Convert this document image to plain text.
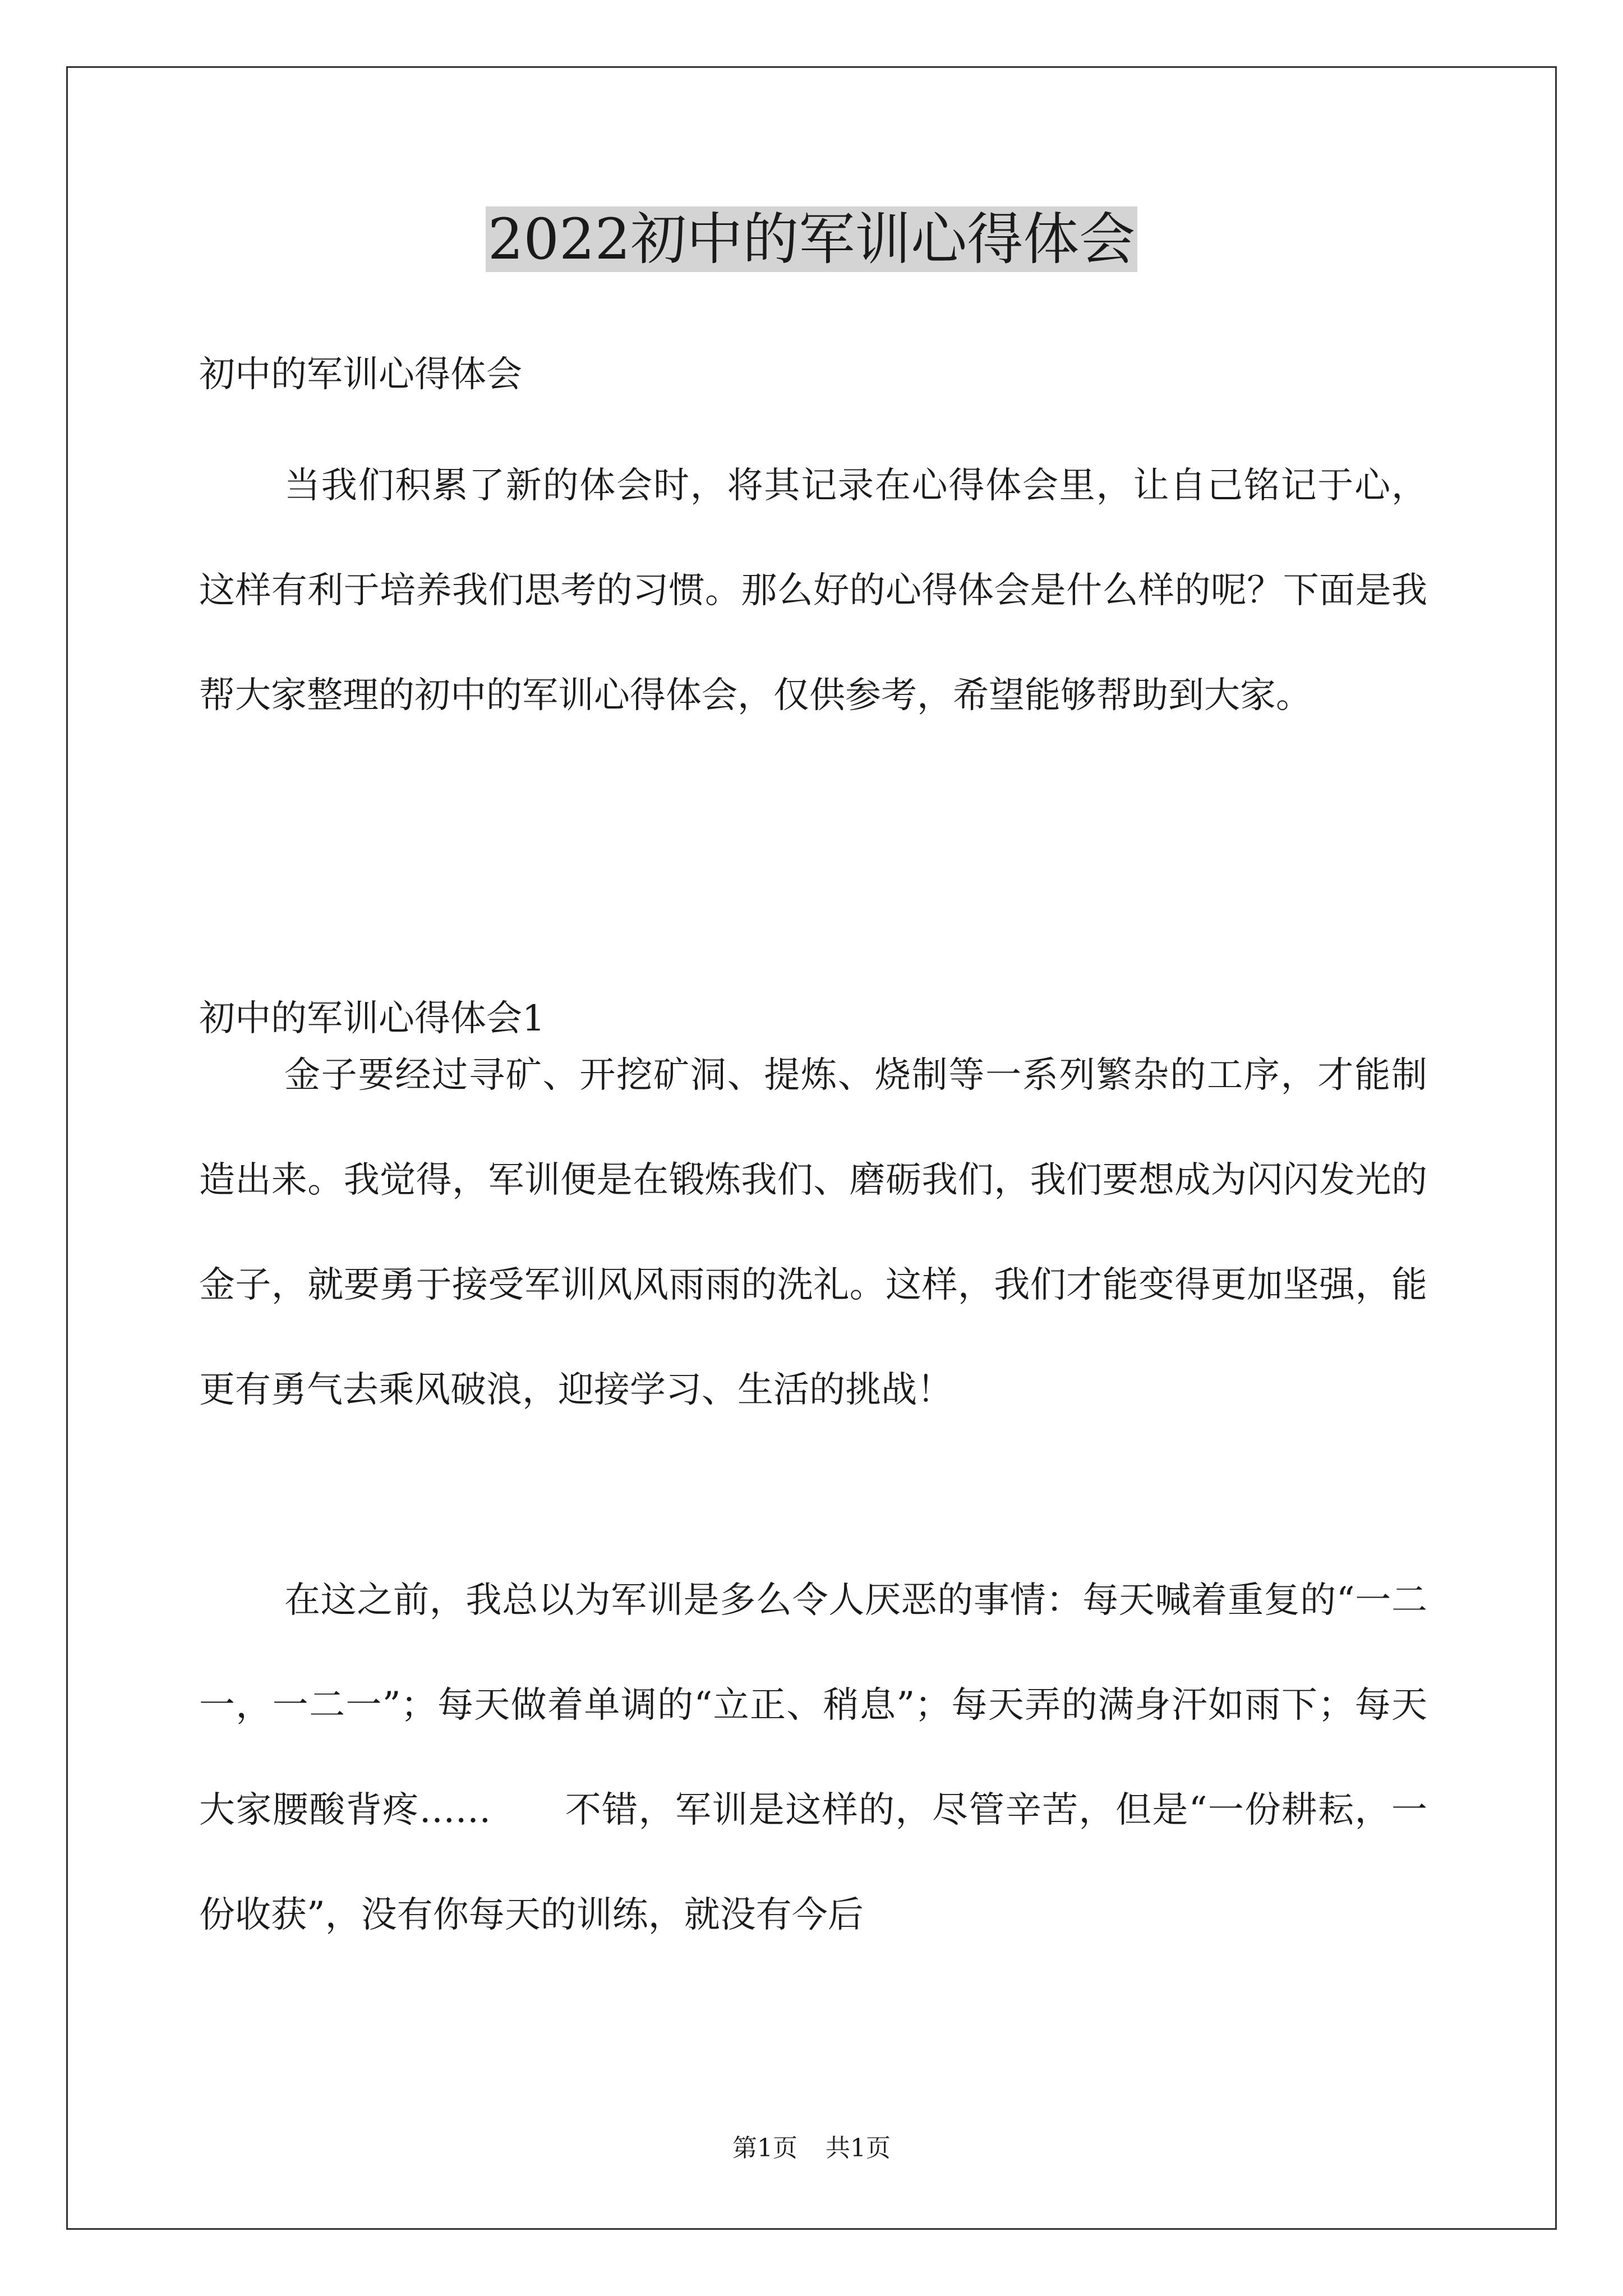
2022初中的军训心得体会
初中的军训心得体会

当我们积累了新的体会时，将其记录在心得体会里，让自己铭记于心，这样有利于培养我们思考的习惯。那么好的心得体会是什么样的呢？下面是我帮大家整理的初中的军训心得体会，仅供参考，希望能够帮助到大家。

初中的军训心得体会1

金子要经过寻矿、开挖矿洞、提炼、烧制等一系列繁杂的工序，才能制造出来。我觉得，军训便是在锻炼我们、磨砺我们，我们要想成为闪闪发光的金子，就要勇于接受军训风风雨雨的洗礼。这样，我们才能变得更加坚强，能更有勇气去乘风破浪，迎接学习、生活的挑战！

在这之前，我总以为军训是多么令人厌恶的事情：每天喊着重复的“一二一，一二一”；每天做着单调的“立正、稍息”；每天弄的满身汗如雨下；每天大家腰酸背疼……　　不错，军训是这样的，尽管辛苦，但是“一份耕耘，一份收获”，没有你每天的训练，就没有今后

第1页 共1页
